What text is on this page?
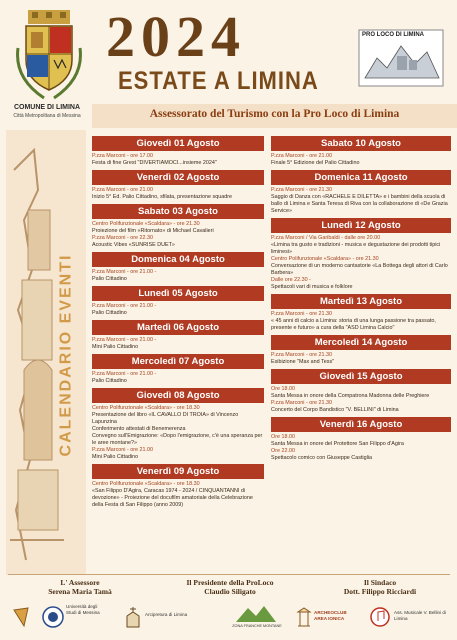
COMUNE DI LIMINA
Città Metropolitana di Messina
2024
ESTATE A LIMINA
PRO LOCO DI LIMINA
Assessorato del Turismo con la Pro Loco di Limina
CALENDARIO EVENTI
Giovedì 01 Agosto
P.zza Marconi - ore 17.00
Festa di fine Grest "DIVERTIAMOCI...insieme 2024"
Venerdì 02 Agosto
P.zza Marconi - ore 21.00
Inizio 5° Ed. Palio Cittadino, sfilata, presentazione squadre
Sabato 03 Agosto
Centro Polifunzionale «Scaldara» - ore 21.30
Proiezione del film «Ritornato» di Michael Cavalieri
P.zza Marconi - ore 22.30
Acoustic Vibes «SUNRISE DUET»
Domenica 04 Agosto
P.zza Marconi - ore 21.00 -
Palio Cittadino
Lunedì 05 Agosto
P.zza Marconi - ore 21.00 -
Palio Cittadino
Martedì 06 Agosto
P.zza Marconi - ore 21.00 -
Mini Palio Cittadino
Mercoledì 07 Agosto
P.zza Marconi - ore 21.00 -
Palio Cittadino
Giovedì 08 Agosto
Centro Polifunzionale «Scaldara» - ore 18.30
Presentazione del libro «IL CAVALLO DI TROIA» di Vincenzo Lapunzina
Conferimento attestati di Benemerenza
Convegno sull'Emigrazione: «Dopo l'emigrazione, c'è una speranza per le aree montane?»
P.zza Marconi - ore 21.00
Mini Palio Cittadino
Venerdì 09 Agosto
Centro Polifunzionale «Scaldara» - ore 18.30
«San Filippo D'Agira, Caracas 1974 - 2024 / CINQUANTANNI di devozione» - Proiezione del docufilm amatoriale della Celebrazione della Festa di San Filippo (anno 2009)
Sabato 10 Agosto
P.zza Marconi - ore 21.00
Finale 5° Edizione del Palio Cittadino
Domenica 11 Agosto
P.zza Marconi - ore 21.30
Saggio di Danza con «RACHELE E DILETTA» e i bambini della scuola di ballo di Limina e Santa Teresa di Riva con la collaborazione di «De Grazia Service»
Lunedì 12 Agosto
P.zza Marconi / Via Garibaldi - dalle ore 20.00
«Limina tra gusto e tradizioni - musica e degustazione dei prodotti tipici liminesi»
Centro Polifunzionale «Scaldara» - ore 21.30
Conversazione di un moderno cantastorie «La Bottega degli attori di Carlo Barbera»
Dalle ore 22.30 -
Spettacoli vari di musica e folklore
Martedì 13 Agosto
P.zza Marconi - ore 21.30
« 45 anni di calcio a Limina: storia di una lunga passione tra passato, presente e futuro» a cura della "ASD Limina Calcio"
Mercoledì 14 Agosto
P.zza Marconi - ore 21.30
Esibizione "Max and Tess"
Giovedì 15 Agosto
Ore 18.00
Santa Messa in onore della Compatrona Madonna delle Preghiere
P.zza Marconi - ore 21.30
Concerto del Corpo Bandistico "V. BELLINI" di Limina
Venerdì 16 Agosto
Ore 18.00
Santa Messa in onore del Protettore San Filippo d'Agira
Ore 22.00
Spettacolo comico con Giuseppe Castiglia
L' Assessore
Serena Maria Tamà
Il Presidente della ProLoco
Claudio Siligato
Il Sindaco
Dott. Filippo Ricciardi
Università degli Studi di Messina	Arcipretura di Limina
ZONA FRANCHE MONTANE
ARCHEOCLUB AREA IONICA
Ass. Musicale V. Bellini di Limina
